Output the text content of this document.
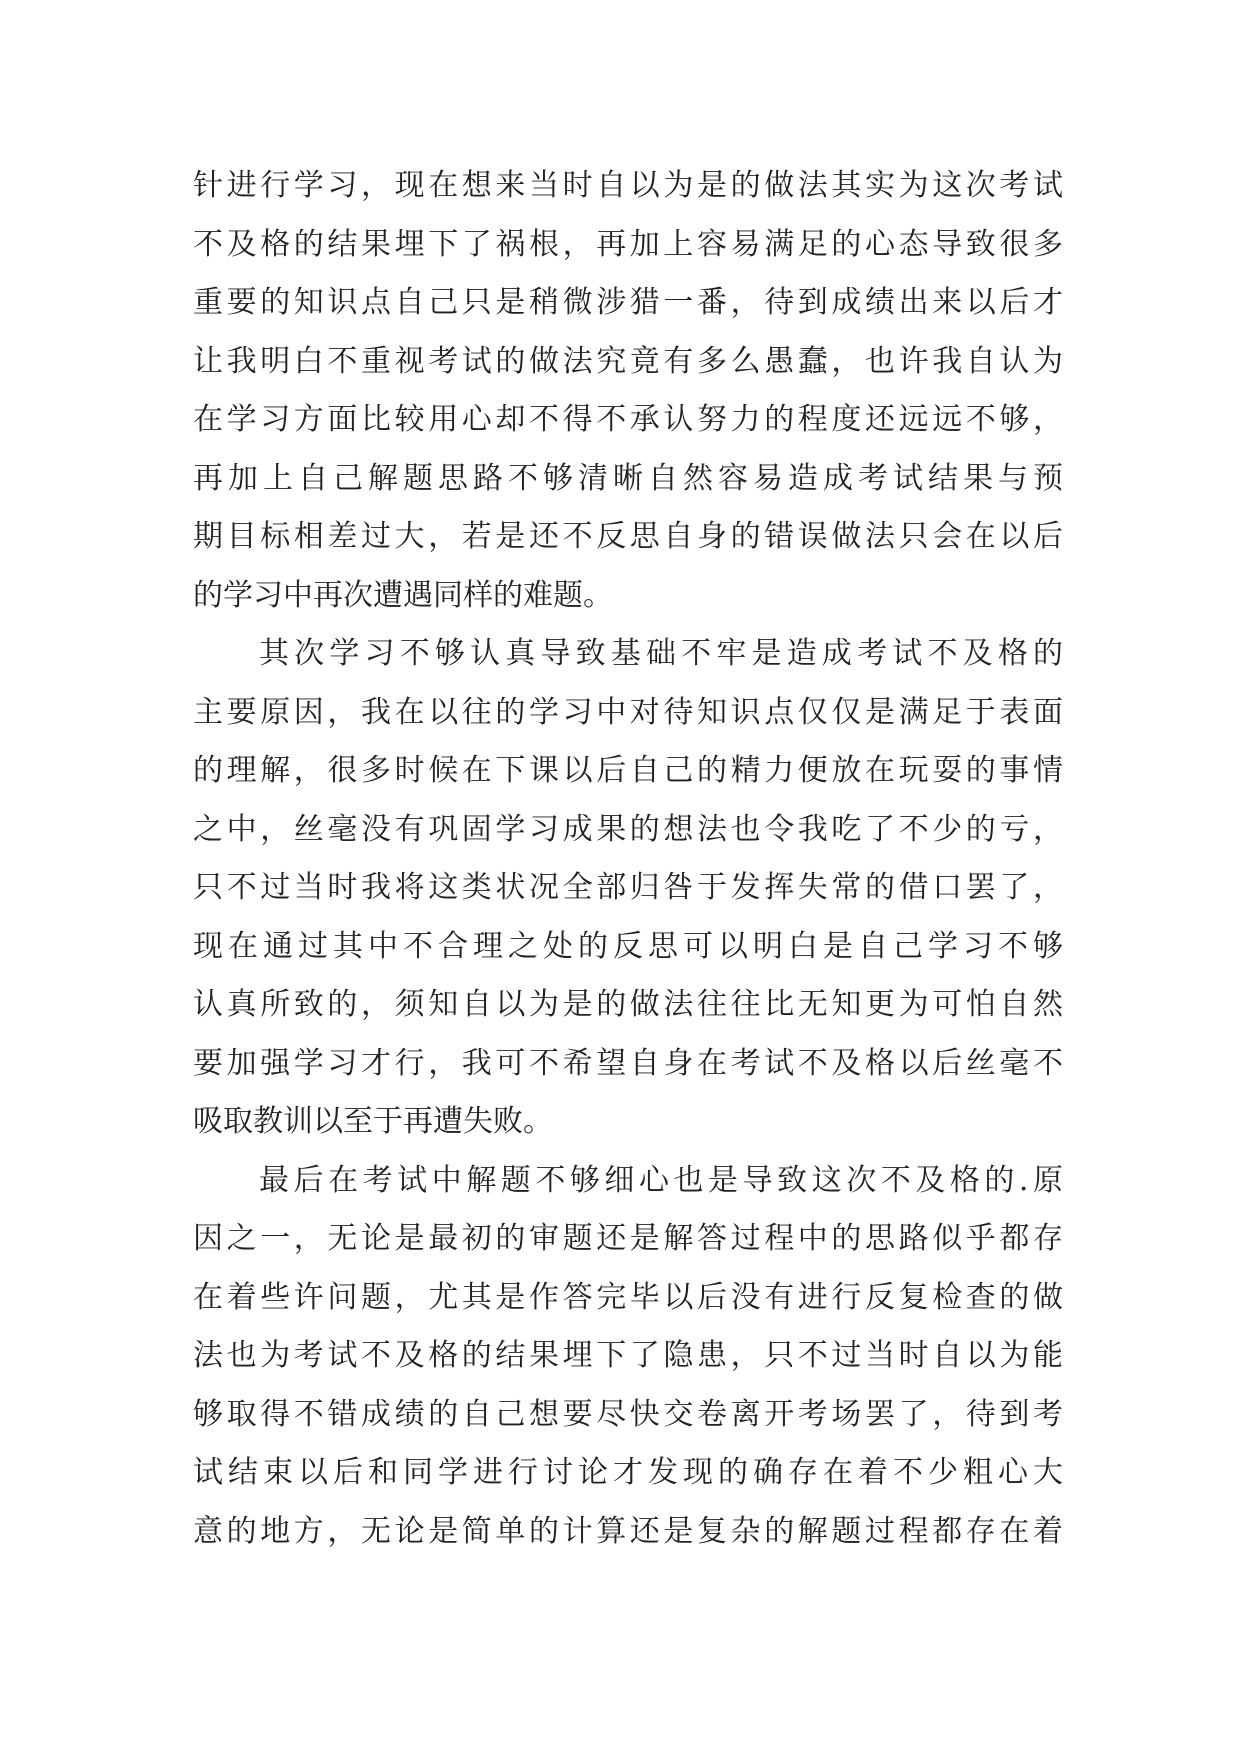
针进行学习，现在想来当时自以为是的做法其实为这次考试
不及格的结果埋下了祸根，再加上容易满足的心态导致很多
重要的知识点自己只是稍微涉猎一番，待到成绩出来以后才
让我明白不重视考试的做法究竟有多么愚蠢，也许我自认为
在学习方面比较用心却不得不承认努力的程度还远远不够，
再加上自己解题思路不够清晰自然容易造成考试结果与预
期目标相差过大，若是还不反思自身的错误做法只会在以后
的学习中再次遭遇同样的难题。
其次学习不够认真导致基础不牢是造成考试不及格的
主要原因，我在以往的学习中对待知识点仅仅是满足于表面
的理解，很多时候在下课以后自己的精力便放在玩耍的事情
之中，丝毫没有巩固学习成果的想法也令我吃了不少的亏，
只不过当时我将这类状况全部归咎于发挥失常的借口罢了，
现在通过其中不合理之处的反思可以明白是自己学习不够
认真所致的，须知自以为是的做法往往比无知更为可怕自然
要加强学习才行，我可不希望自身在考试不及格以后丝毫不
吸取教训以至于再遭失败。
最后在考试中解题不够细心也是导致这次不及格的.原
因之一，无论是最初的审题还是解答过程中的思路似乎都存
在着些许问题，尤其是作答完毕以后没有进行反复检查的做
法也为考试不及格的结果埋下了隐患，只不过当时自以为能
够取得不错成绩的自己想要尽快交卷离开考场罢了，待到考
试结束以后和同学进行讨论才发现的确存在着不少粗心大
意的地方，无论是简单的计算还是复杂的解题过程都存在着
